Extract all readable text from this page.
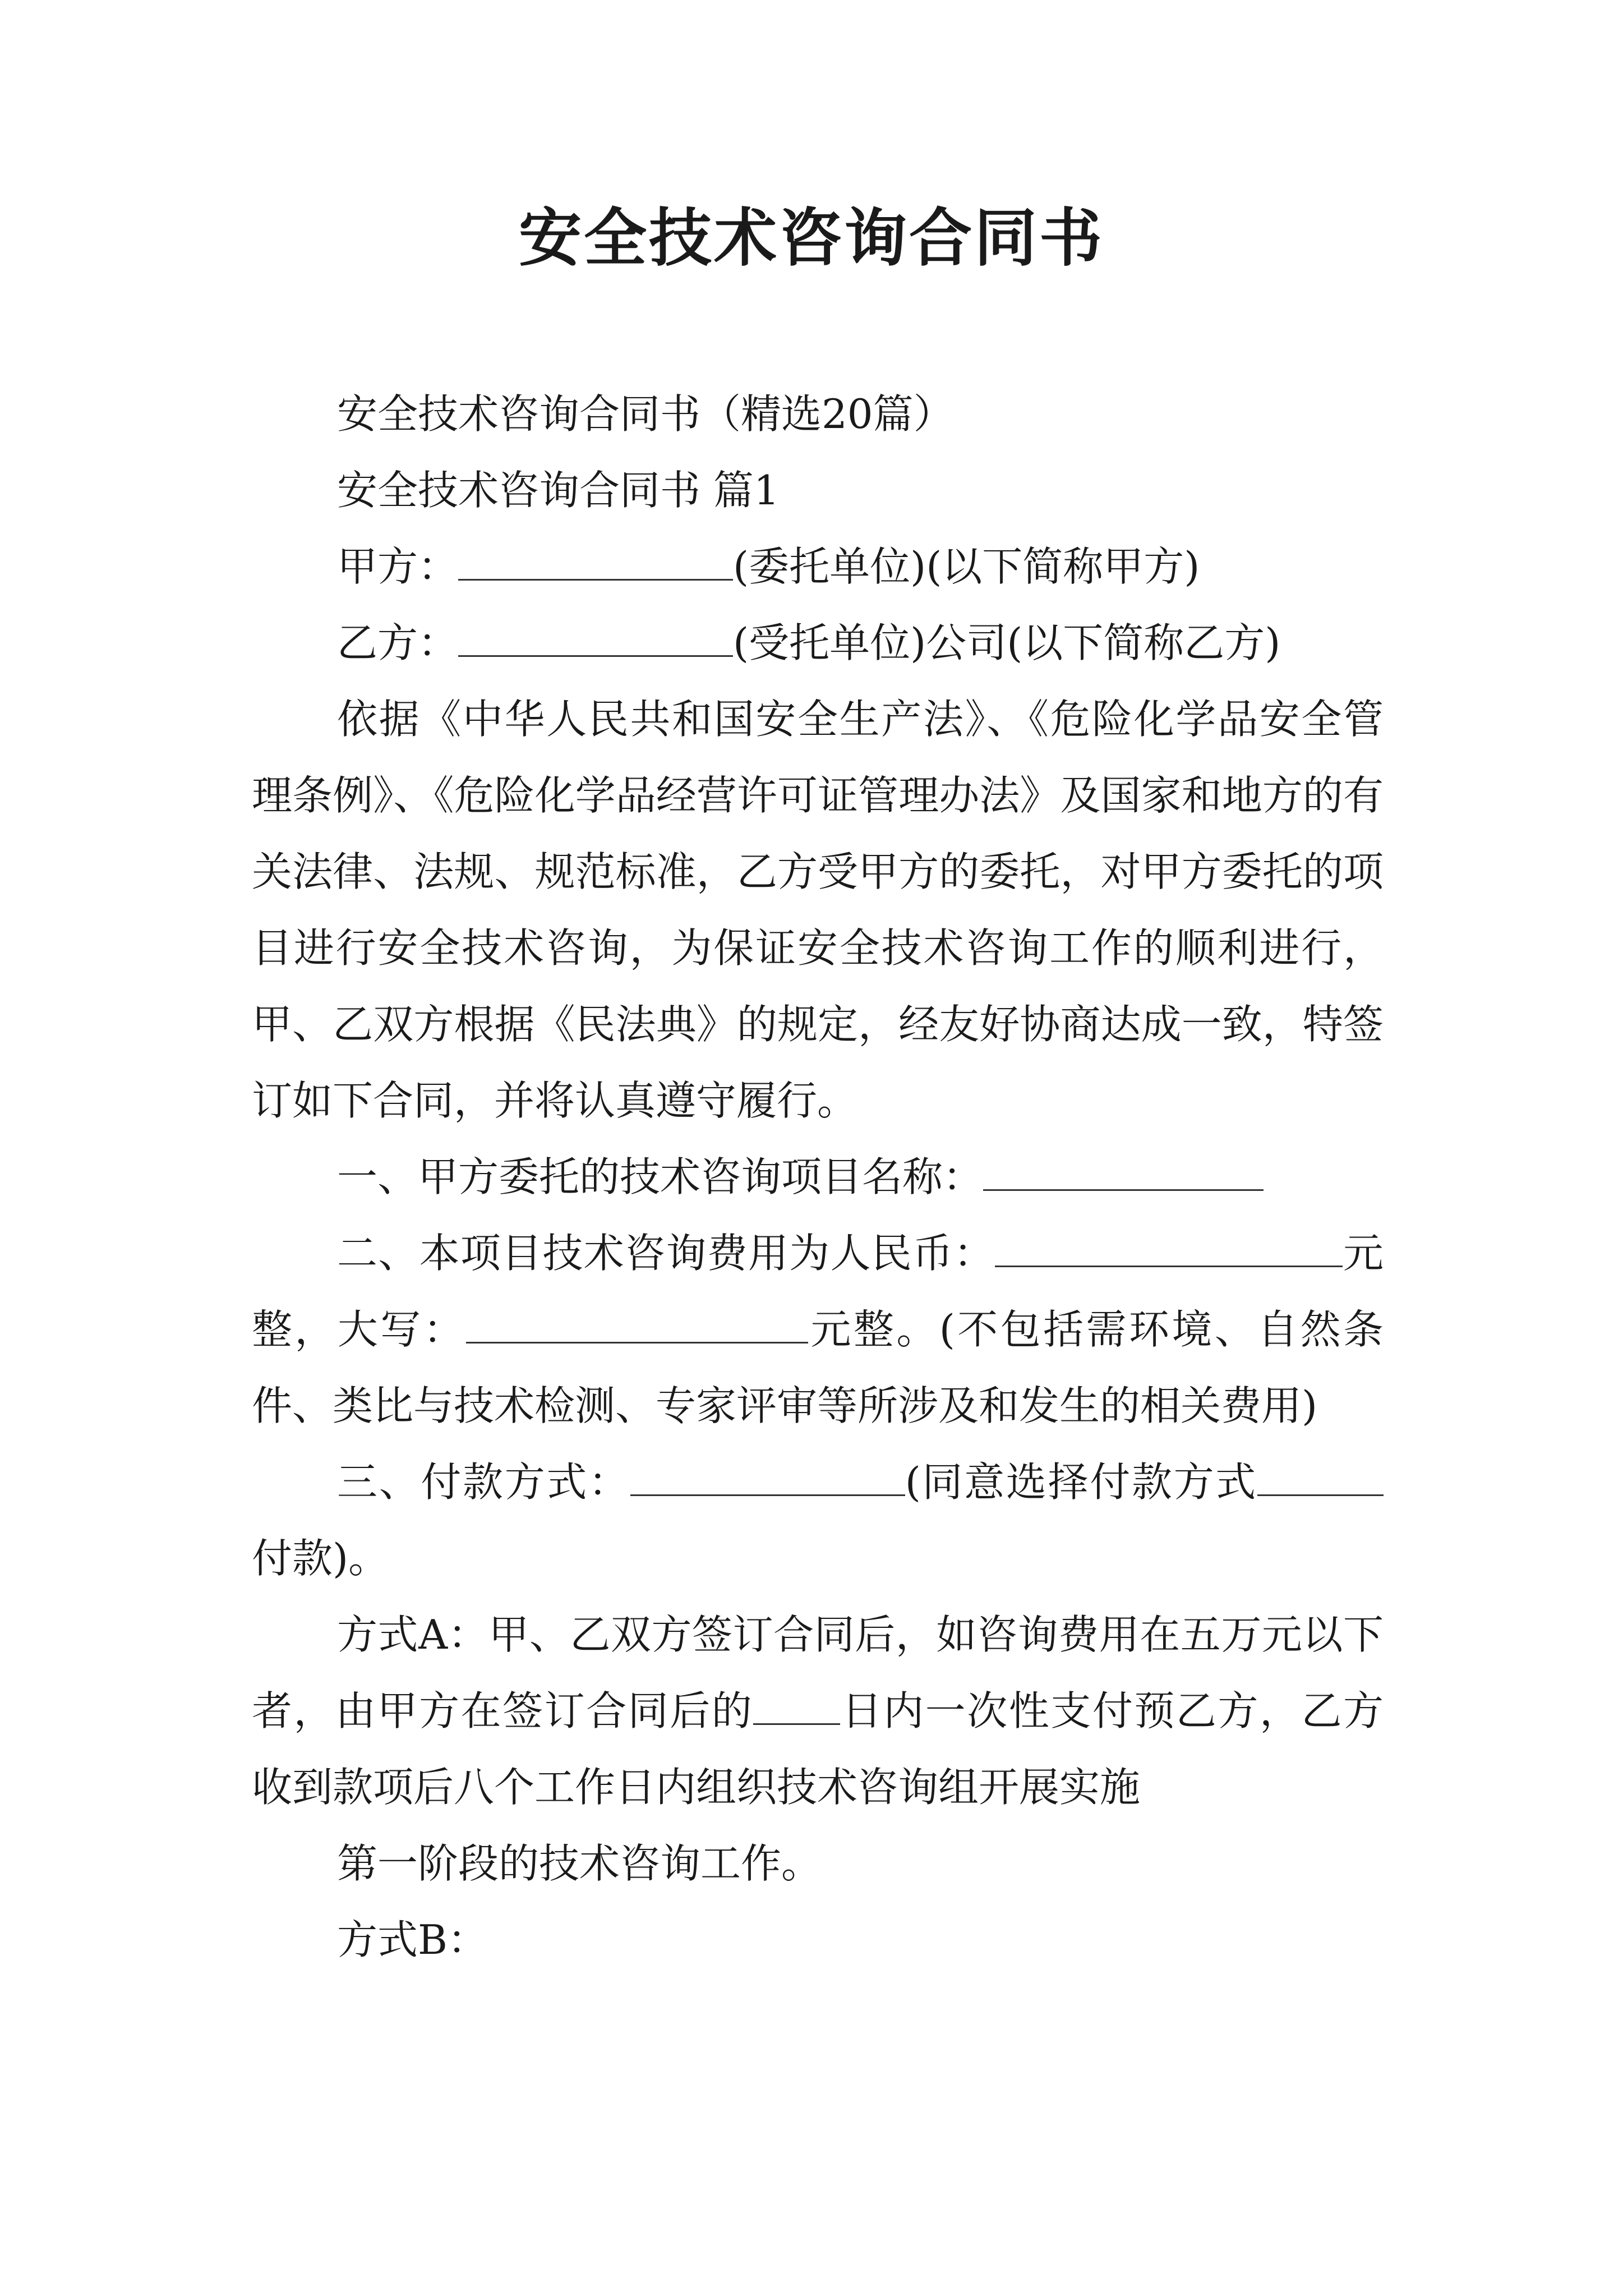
安全技术咨询合同书

安全技术咨询合同书（精选20篇）

安全技术咨询合同书 篇1

甲方：	(委托单位)(以下简称甲方)

乙方：	(受托单位)公司(以下简称乙方)

依据《中华人民共和国安全生产法》、《危险化学品安全管理条例》、《危险化学品经营许可证管理办法》及国家和地方的有关法律、法规、规范标准，乙方受甲方的委托，对甲方委托的项目进行安全技术咨询，为保证安全技术咨询工作的顺利进行，甲、乙双方根据《民法典》的规定，经友好协商达成一致，特签订如下合同，并将认真遵守履行。

一、甲方委托的技术咨询项目名称：

二、本项目技术咨询费用为人民币：	元整，大写：	元整。(不包括需环境、自然条件、类比与技术检测、专家评审等所涉及和发生的相关费用)

三、付款方式：	(同意选择付款方式付款)。

方式A：甲、乙双方签订合同后，如咨询费用在五万元以下者，由甲方在签订合同后的 日内一次性支付预乙方，乙方收到款项后八个工作日内组织技术咨询组开展实施

第一阶段的技术咨询工作。

方式B：
